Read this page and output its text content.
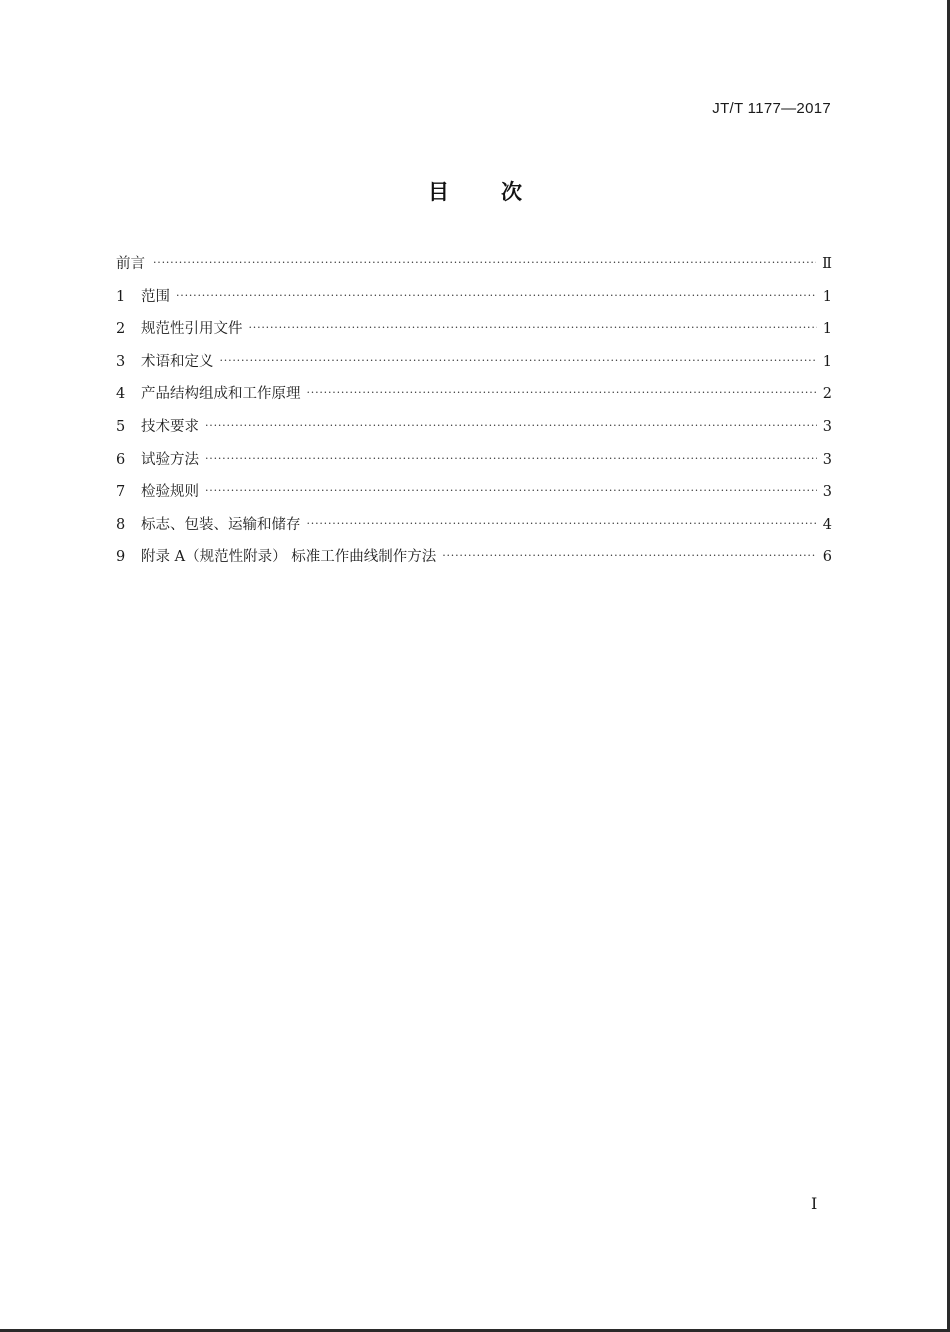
JT/T 1177—2017
目 次
前言 ·····	Ⅱ
1	范围 ·····	1
2	规范性引用文件 ·····	1
3	术语和定义 ·····	1
4	产品结构组成和工作原理 ·····	2
5	技术要求 ·····	3
6	试验方法 ·····	3
7	检验规则 ·····	3
8	标志、包装、运输和储存 ·····	4
9	附录 A（规范性附录） 标准工作曲线制作方法 ·····	6
I
